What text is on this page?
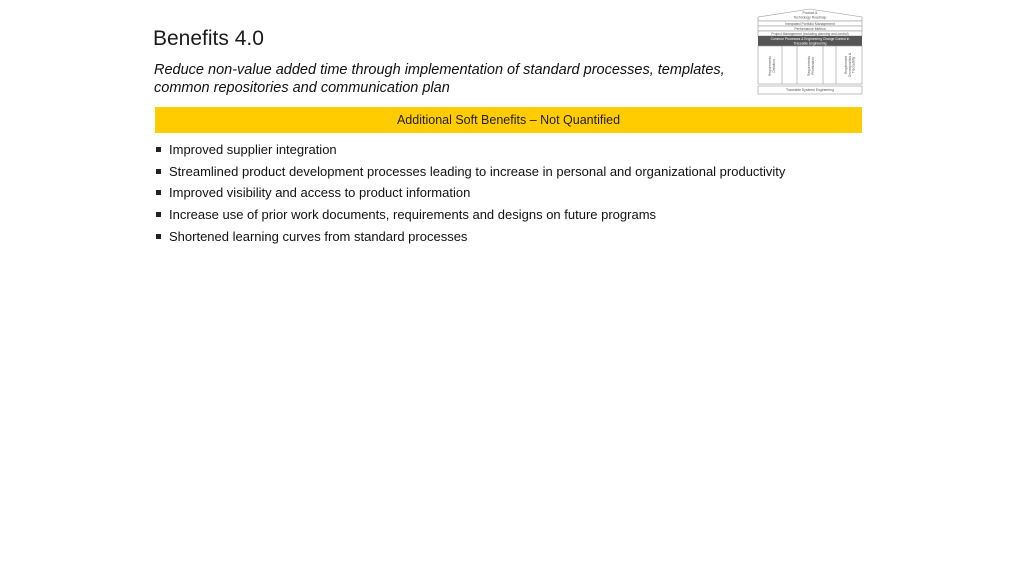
Benefits 4.0
Reduce non-value added time through implementation of standard processes, templates, common repositories and communication plan
Additional Soft Benefits – Not Quantified
Improved supplier integration
Streamlined product development processes leading to increase in personal and organizational productivity
Improved visibility and access to product information
Increase use of prior work documents, requirements and designs on future programs
Shortened learning curves from standard processes
Product &
Technology Roadmap
Integrated Portfolio Management
Performance Metrics
Project Management (including planning and control)
Common Processes & Engineering Change Control in
Traceable Engineering
Requirements Definition	Requirements Prioritization	Requirement Decomposition & Traceability
Traceable Systems Engineering
